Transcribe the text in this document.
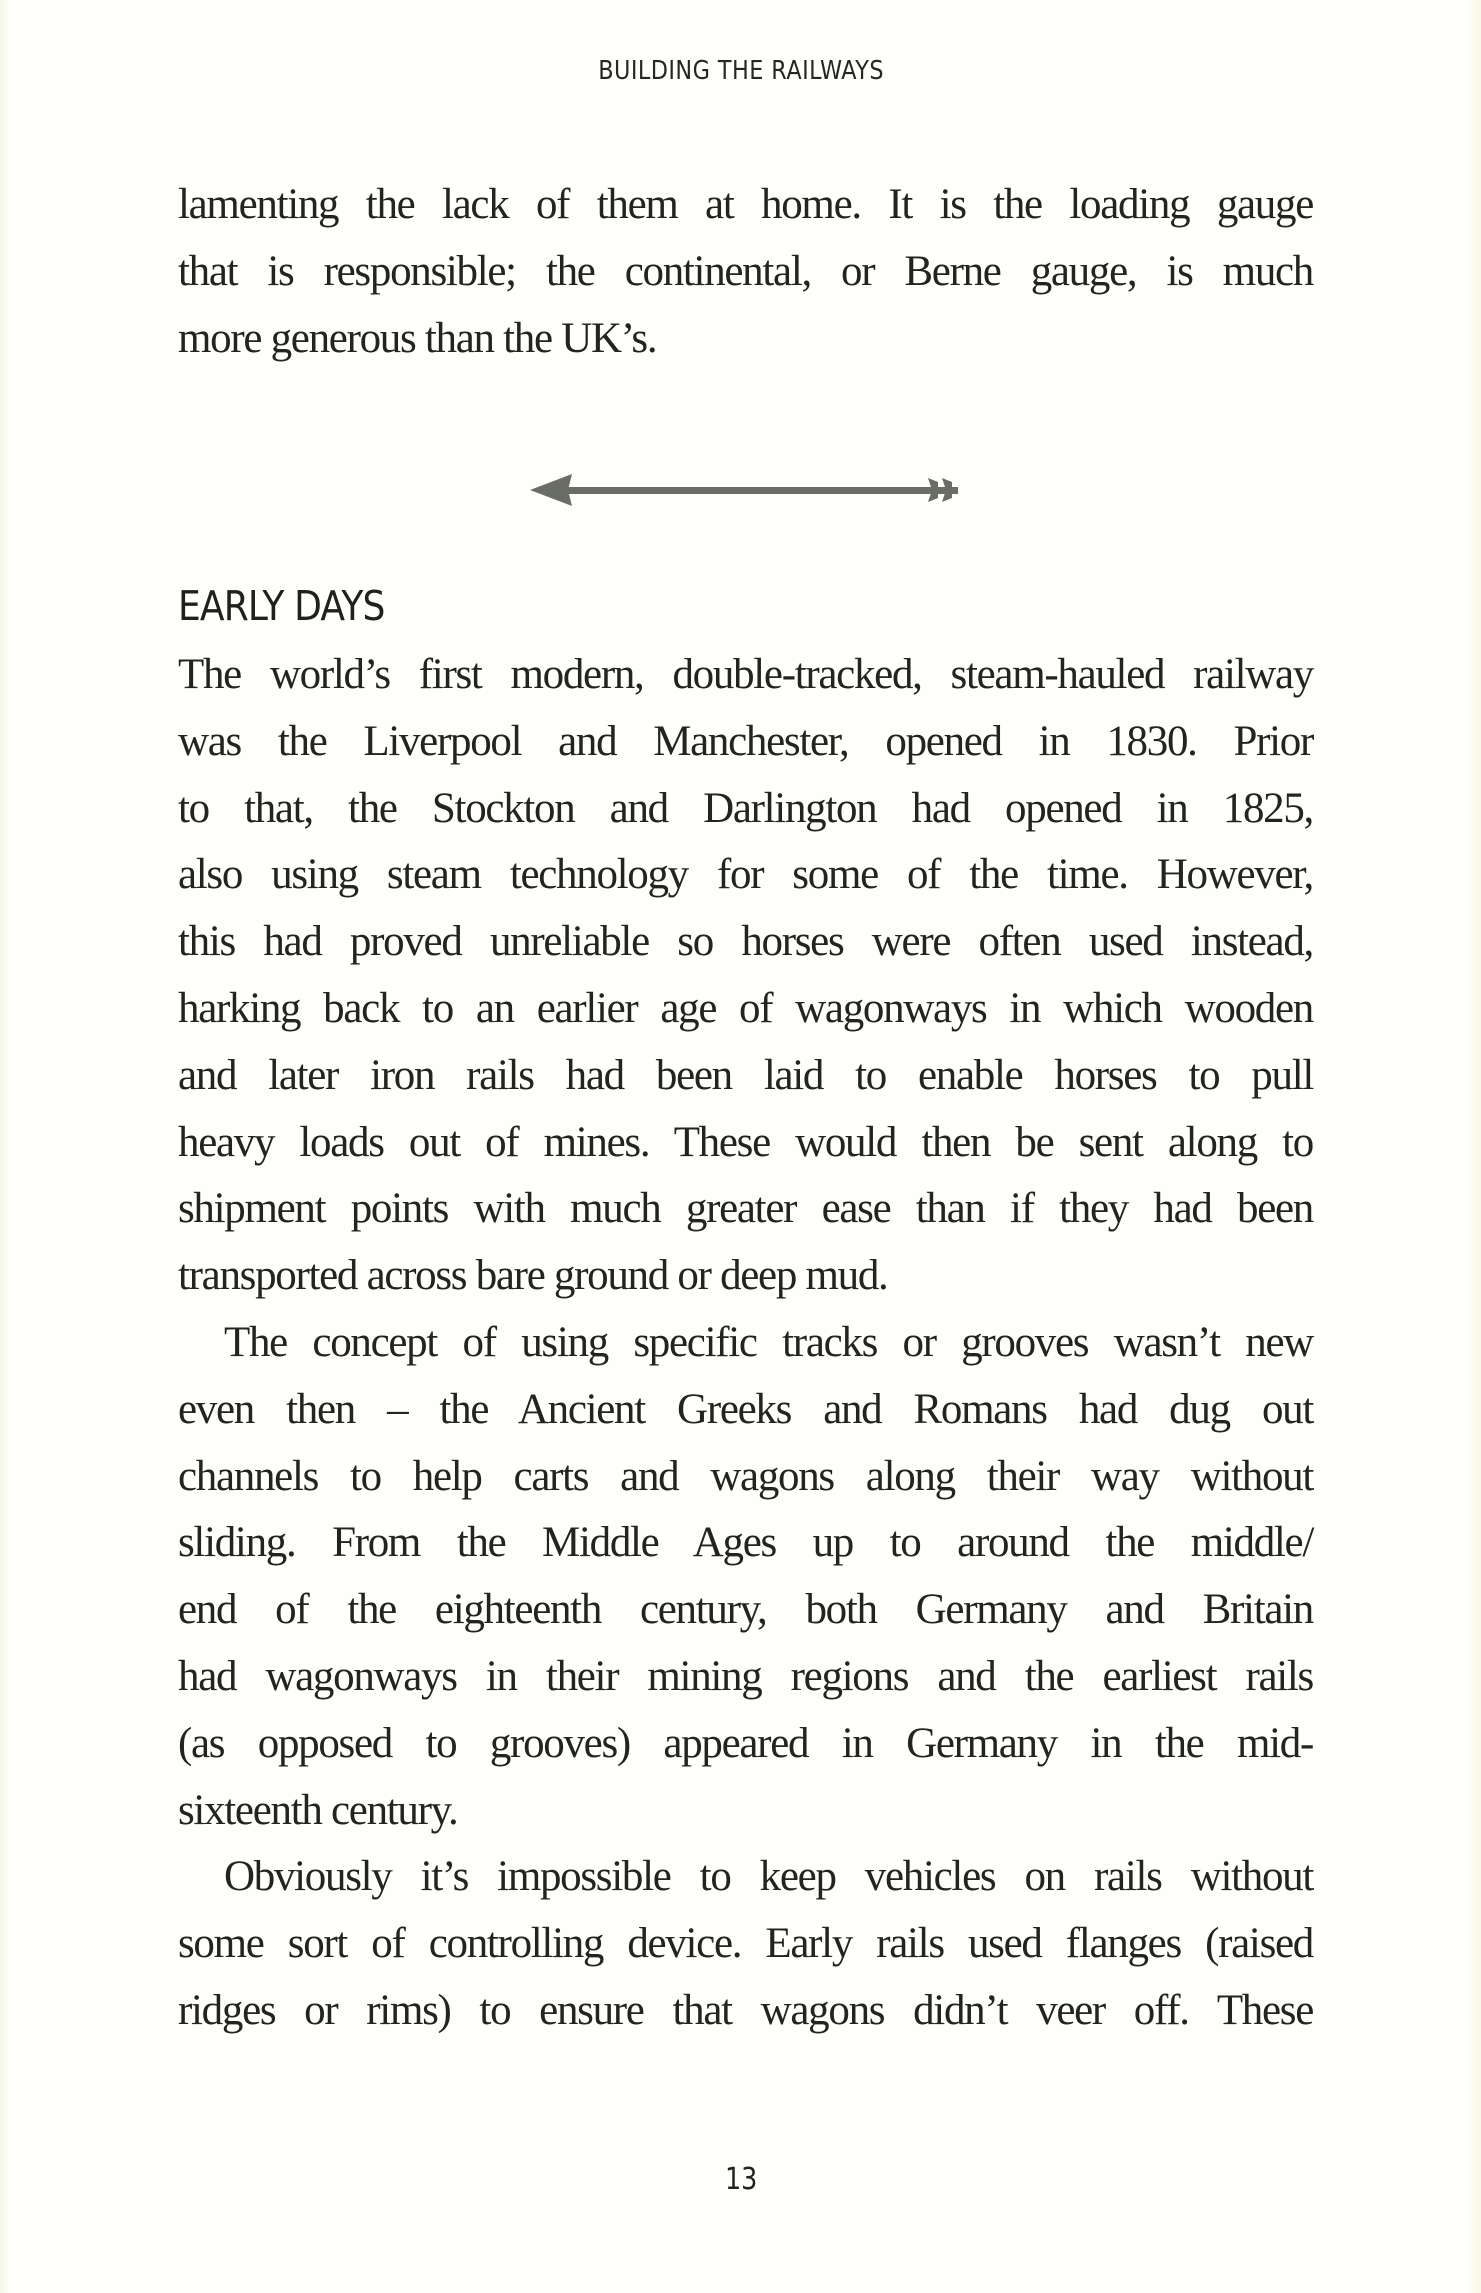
BUILDING THE RAILWAYS
lamenting the lack of them at home. It is the loading gauge
that is responsible; the continental, or Berne gauge, is much
more generous than the UK’s.
EARLY DAYS
The world’s first modern, double-tracked, steam-hauled railway
was the Liverpool and Manchester, opened in 1830. Prior
to that, the Stockton and Darlington had opened in 1825,
also using steam technology for some of the time. However,
this had proved unreliable so horses were often used instead,
harking back to an earlier age of wagonways in which wooden
and later iron rails had been laid to enable horses to pull
heavy loads out of mines. These would then be sent along to
shipment points with much greater ease than if they had been
transported across bare ground or deep mud.
The concept of using specific tracks or grooves wasn’t new
even then – the Ancient Greeks and Romans had dug out
channels to help carts and wagons along their way without
sliding. From the Middle Ages up to around the middle/
end of the eighteenth century, both Germany and Britain
had wagonways in their mining regions and the earliest rails
(as opposed to grooves) appeared in Germany in the mid-
sixteenth century.
Obviously it’s impossible to keep vehicles on rails without
some sort of controlling device. Early rails used flanges (raised
ridges or rims) to ensure that wagons didn’t veer off. These
13
